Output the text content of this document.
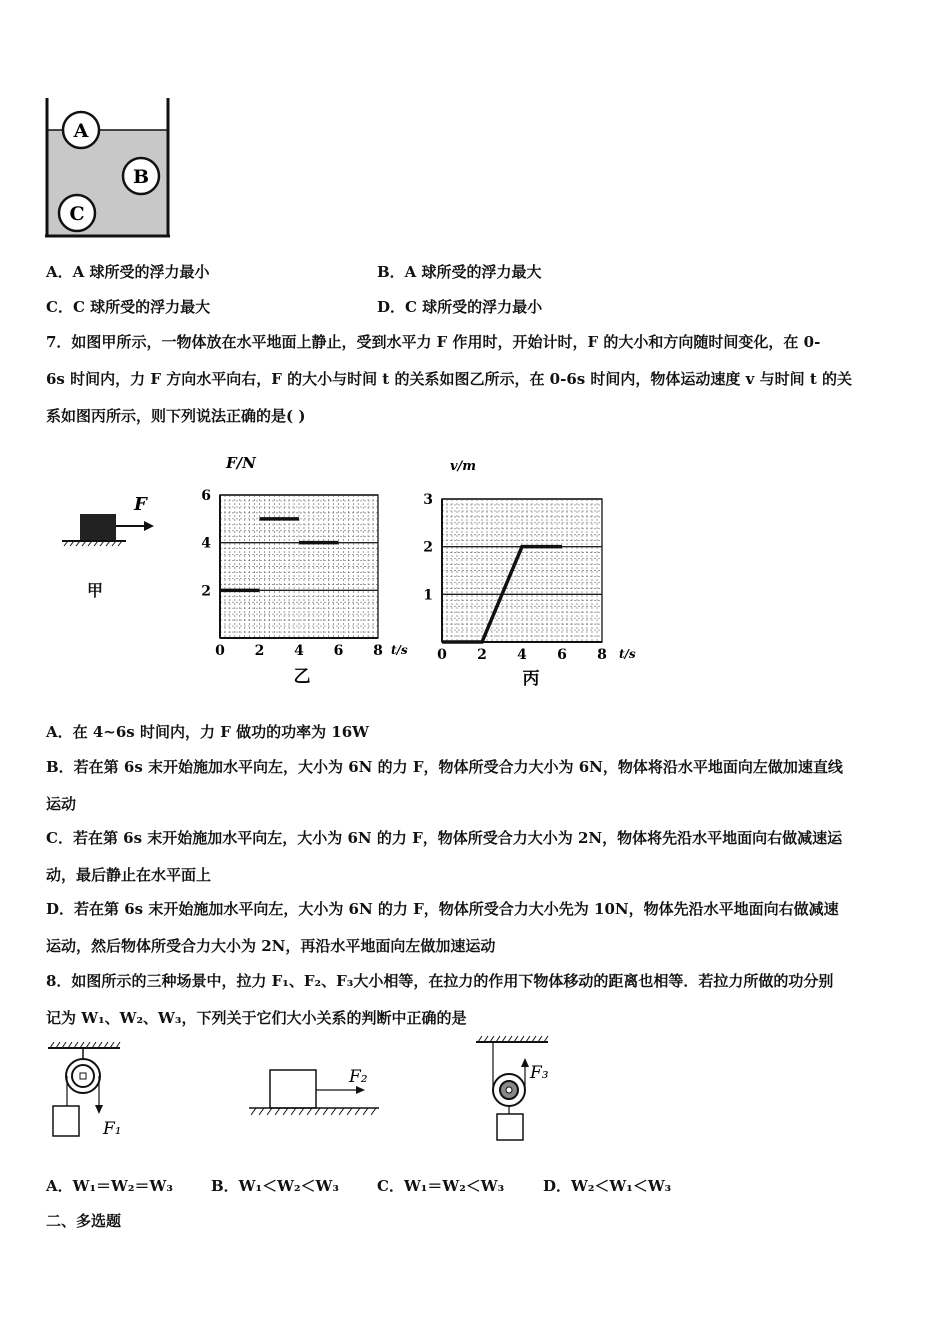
A
B
C
A．A 球所受的浮力最小	B．A 球所受的浮力最大
C．C 球所受的浮力最大	D．C 球所受的浮力最小
7．如图甲所示，一物体放在水平地面上静止，受到水平力 F 作用时，开始计时，F 的大小和方向随时间变化，在 0-
6s 时间内，力 F 方向水平向右，F 的大小与时间 t 的关系如图乙所示，在 0-6s 时间内，物体运动速度 v 与时间 t 的关
系如图丙所示，则下列说法正确的是( )
F
甲
F/N
0 2 4 6 8
2
4
6
t/s
乙
v/m
0 2 4 6 8
1
2
3
t/s
丙
A．在 4~6s 时间内，力 F 做功的功率为 16W
B．若在第 6s 末开始施加水平向左，大小为 6N 的力 F，物体所受合力大小为 6N，物体将沿水平地面向左做加速直线
运动
C．若在第 6s 末开始施加水平向左，大小为 6N 的力 F，物体所受合力大小为 2N，物体将先沿水平地面向右做减速运
动，最后静止在水平面上
D．若在第 6s 末开始施加水平向左，大小为 6N 的力 F，物体所受合力大小先为 10N，物体先沿水平地面向右做减速
运动，然后物体所受合力大小为 2N，再沿水平地面向左做加速运动
8．如图所示的三种场景中，拉力 F₁、F₂、F₃大小相等，在拉力的作用下物体移动的距离也相等．若拉力所做的功分别
记为 W₁、W₂、W₃，下列关于它们大小关系的判断中正确的是
F₁
F₂	F₃
A．W₁＝W₂＝W₃	B．W₁＜W₂＜W₃	C．W₁＝W₂＜W₃	D．W₂＜W₁＜W₃
二、多选题
